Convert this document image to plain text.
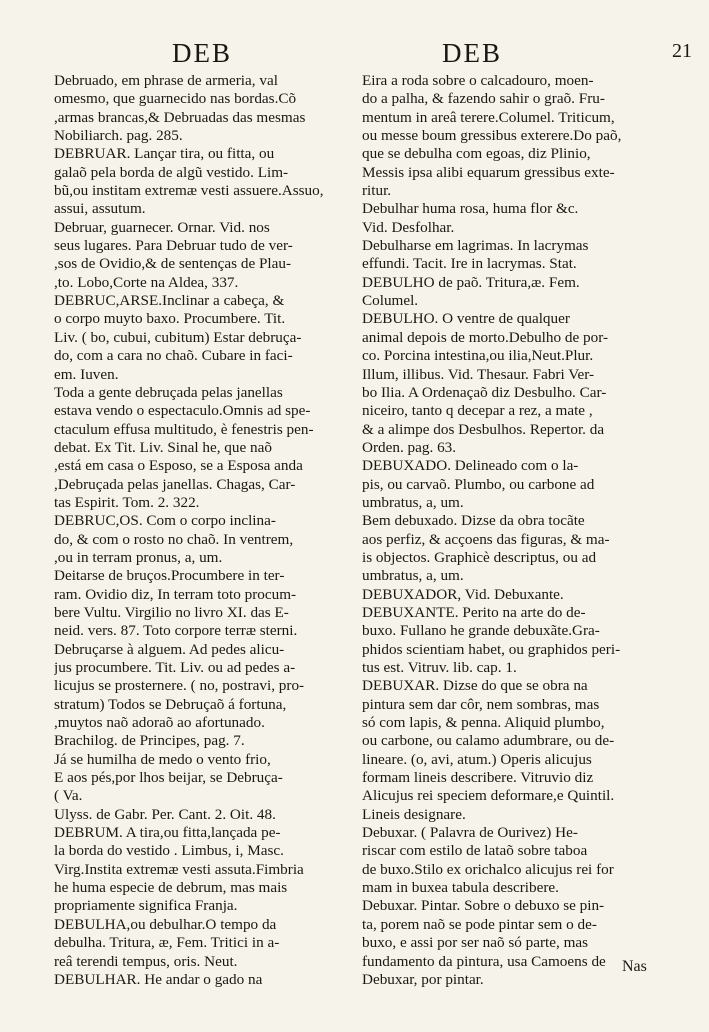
DEB	DEB	21
Debruado, em phrase de armeria, val
omesmo, que guarnecido nas bordas.Cõ
,armas brancas,& Debruadas das mesmas
Nobiliarch. pag. 285.
DEBRUAR. Lançar tira, ou fitta, ou
galaõ pela borda de algũ vestido. Lim-
bũ,ou institam extremæ vesti assuere.Assuo,
assui, assutum.
Debruar, guarnecer. Ornar. Vid. nos
seus lugares. Para Debruar tudo de ver-
,sos de Ovidio,& de sentenças de Plau-
,to. Lobo,Corte na Aldea, 337.
DEBRUC,ARSE.Inclinar a cabeça, &
o corpo muyto baxo. Procumbere. Tit.
Liv. ( bo, cubui, cubitum) Estar debruça-
do, com a cara no chaõ. Cubare in faci-
em. Iuven.
Toda a gente debruçada pelas janellas
estava vendo o espectaculo.Omnis ad spe-
ctaculum effusa multitudo, è fenestris pen-
debat. Ex Tit. Liv. Sinal he, que naõ
,está em casa o Esposo, se a Esposa anda
,Debruçada pelas janellas. Chagas, Car-
tas Espirit. Tom. 2. 322.
DEBRUC,OS. Com o corpo inclina-
do, & com o rosto no chaõ. In ventrem,
,ou in terram pronus, a, um.
Deitarse de bruços.Procumbere in ter-
ram. Ovidio diz, In terram toto procum-
bere Vultu. Virgilio no livro XI. das E-
neid. vers. 87. Toto corpore terræ sterni.
Debruçarse à alguem. Ad pedes alicu-
jus procumbere. Tit. Liv. ou ad pedes a-
licujus se prosternere. ( no, postravi, pro-
stratum) Todos se Debruçaõ á fortuna,
,muytos naõ adoraõ ao afortunado.
Brachilog. de Principes, pag. 7.
Já se humilha de medo o vento frio,
E aos pés,por lhos beijar, se Debruça-
( Va.
Ulyss. de Gabr. Per. Cant. 2. Oit. 48.
DEBRUM. A tira,ou fitta,lançada pe-
la borda do vestido . Limbus, i, Masc.
Virg.Instita extremæ vesti assuta.Fimbria
he huma especie de debrum, mas mais
propriamente significa Franja.
DEBULHA,ou debulhar.O tempo da
debulha. Tritura, æ, Fem. Tritici in a-
reâ terendi tempus, oris. Neut.
DEBULHAR. He andar o gado na
Eira a roda sobre o calcadouro, moen-
do a palha, & fazendo sahir o graõ. Fru-
mentum in areâ terere.Columel. Triticum,
ou messe boum gressibus exterere.Do paõ,
que se debulha com egoas, diz Plinio,
Messis ipsa alibi equarum gressibus exte-
ritur.
Debulhar huma rosa, huma flor &c.
Vid. Desfolhar.
Debulharse em lagrimas. In lacrymas
effundi. Tacit. Ire in lacrymas. Stat.
DEBULHO de paõ. Tritura,æ. Fem.
Columel.
DEBULHO. O ventre de qualquer
animal depois de morto.Debulho de por-
co. Porcina intestina,ou ilia,Neut.Plur.
Illum, illibus. Vid. Thesaur. Fabri Ver-
bo Ilia. A Ordenaçaõ diz Desbulho. Car-
niceiro, tanto q decepar a rez, a mate ,
& a alimpe dos Desbulhos. Repertor. da
Orden. pag. 63.
DEBUXADO. Delineado com o la-
pis, ou carvaõ. Plumbo, ou carbone ad
umbratus, a, um.
Bem debuxado. Dizse da obra tocãte
aos perfiz, & acçoens das figuras, & ma-
is objectos. Graphicè descriptus, ou ad
umbratus, a, um.
DEBUXADOR, Vid. Debuxante.
DEBUXANTE. Perito na arte do de-
buxo. Fullano he grande debuxãte.Gra-
phidos scientiam habet, ou graphidos peri-
tus est. Vitruv. lib. cap. 1.
DEBUXAR. Dizse do que se obra na
pintura sem dar côr, nem sombras, mas
só com lapis, & penna. Aliquid plumbo,
ou carbone, ou calamo adumbrare, ou de-
lineare. (o, avi, atum.) Operis alicujus
formam lineis describere. Vitruvio diz
Alicujus rei speciem deformare,e Quintil.
Lineis designare.
Debuxar. ( Palavra de Ourivez) He-
riscar com estilo de lataõ sobre taboa
de buxo.Stilo ex orichalco alicujus rei for
mam in buxea tabula describere.
Debuxar. Pintar. Sobre o debuxo se pin-
ta, porem naõ se pode pintar sem o de-
buxo, e assi por ser naõ só parte, mas
fundamento da pintura, usa Camoens de
Debuxar, por pintar.
Nas
